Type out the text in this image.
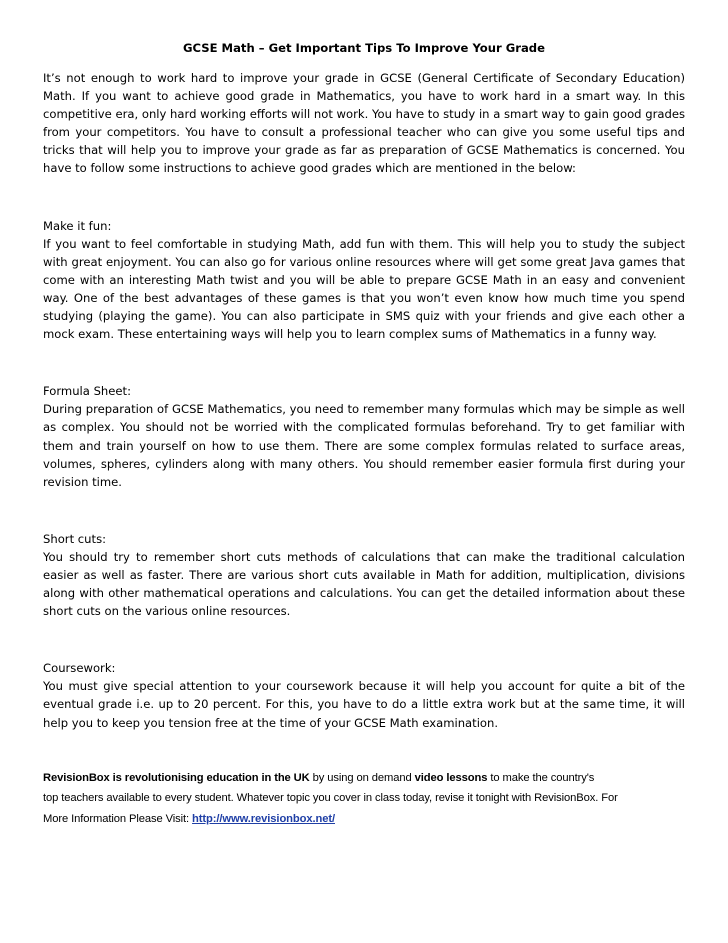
GCSE Math – Get Important Tips To Improve Your Grade

It’s not enough to work hard to improve your grade in GCSE (General Certificate of Secondary Education) Math. If you want to achieve good grade in Mathematics, you have to work hard in a smart way. In this competitive era, only hard working efforts will not work. You have to study in a smart way to gain good grades from your competitors. You have to consult a professional teacher who can give you some useful tips and tricks that will help you to improve your grade as far as preparation of GCSE Mathematics is concerned. You have to follow some instructions to achieve good grades which are mentioned in the below:

Make it fun:

If you want to feel comfortable in studying Math, add fun with them. This will help you to study the subject with great enjoyment. You can also go for various online resources where will get some great Java games that come with an interesting Math twist and you will be able to prepare GCSE Math in an easy and convenient way. One of the best advantages of these games is that you won’t even know how much time you spend studying (playing the game). You can also participate in SMS quiz with your friends and give each other a mock exam. These entertaining ways will help you to learn complex sums of Mathematics in a funny way.

Formula Sheet:

During preparation of GCSE Mathematics, you need to remember many formulas which may be simple as well as complex. You should not be worried with the complicated formulas beforehand. Try to get familiar with them and train yourself on how to use them. There are some complex formulas related to surface areas, volumes, spheres, cylinders along with many others. You should remember easier formula first during your revision time.

Short cuts:

You should try to remember short cuts methods of calculations that can make the traditional calculation easier as well as faster. There are various short cuts available in Math for addition, multiplication, divisions along with other mathematical operations and calculations. You can get the detailed information about these short cuts on the various online resources.

Coursework:

You must give special attention to your coursework because it will help you account for quite a bit of the eventual grade i.e. up to 20 percent. For this, you have to do a little extra work but at the same time, it will help you to keep you tension free at the time of your GCSE Math examination.

RevisionBox is revolutionising education in the UK by using on demand video lessons to make the country's

top teachers available to every student. Whatever topic you cover in class today, revise it tonight with RevisionBox. For

More Information Please Visit: http://www.revisionbox.net/
